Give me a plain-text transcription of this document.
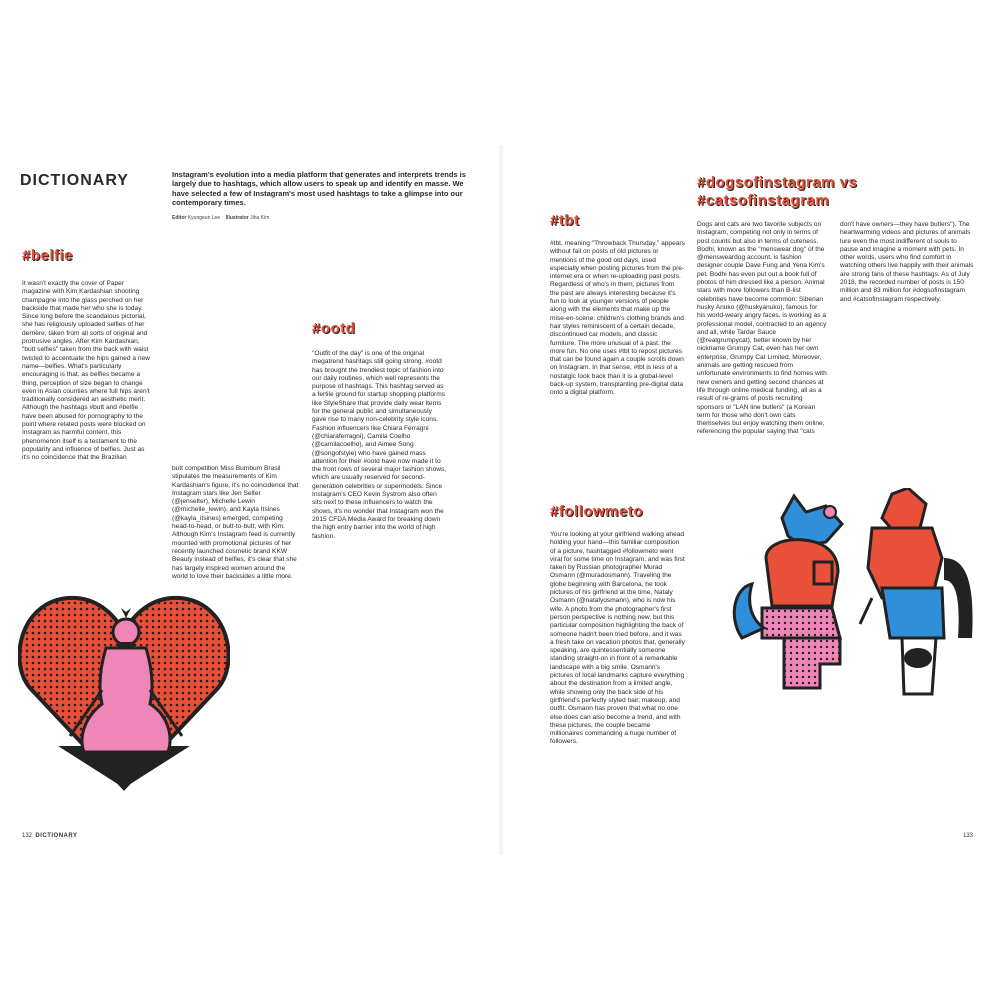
DICTIONARY	Instagram's evolution into a media platform that generates and interprets trends is largely due to hashtags, which allow users to speak up and identify en masse. We have selected a few of Instagram's most used hashtags to take a glimpse into our contemporary times.
Editor Kyungeun Lee Illustrator Jiha Kim
#belfie
It wasn't exactly the cover of Paper magazine with Kim Kardashian shooting champagne into the glass perched on her backside that made her who she is today. Since long before the scandalous pictorial, she has religiously uploaded selfies of her derrière, taken from all sorts of original and protrusive angles. After Kim Kardashian, "butt selfies" taken from the back with waist twisted to accentuate the hips gained a new name—belfies. What's particularly encouraging is that, as belfies became a thing, perception of size began to change even in Asian counties where full hips aren't traditionally considered an aesthetic merit. Although the hashtags #butt and #belfie have been abused for pornography to the point where related posts were blocked on Instagram as harmful content, this phenomenon itself is a testament to the popularity and influence of belfies. Just as it's no coincidence that the Brazilian
butt competition Miss Bumbum Brasil stipulates the measurements of Kim Kardashian's figure, it's no coincidence that Instagram stars like Jen Selter (@jenselter), Michelle Lewin (@michelle_lewin), and Kayla Itsines (@kayla_itsines) emerged, competing head-to-head, or butt-to-butt, with Kim. Although Kim's Instagram feed is currently mounted with promotional pictures of her recently launched cosmetic brand KKW Beauty instead of belfies, it's clear that she has largely inspired women around the world to love their backsides a little more.
#ootd
"Outfit of the day" is one of the original megatrend hashtags still going strong. #ootd has brought the trendiest topic of fashion into our daily routines, which well represents the purpose of hashtags. This hashtag served as a fertile ground for startup shopping platforms like StyleShare that provide daily wear items for the general public and simultaneously gave rise to many non-celebrity style icons. Fashion influencers like Chiara Ferragni (@chiaraferragni), Camila Coelho (@camilacoelho), and Aimee Song (@songofstyle) who have gained mass attention for their #ootd have now made it to the front rows of several major fashion shows, which are usually reserved for second-generation celebrities or supermodels. Since Instagram's CEO Kevin Systrom also often sits next to these influencers to watch the shows, it's no wonder that Instagram won the 2015 CFDA Media Award for breaking down the high entry barrier into the world of high fashion.
#tbt
#tbt, meaning "Throwback Thursday," appears without fail on posts of old pictures or mentions of the good old days, used especially when posting pictures from the pre-internet era or when re-uploading past posts. Regardless of who's in them, pictures from the past are always interesting because it's fun to look at younger versions of people along with the elements that make up the mise-en-scène: children's clothing brands and hair styles reminiscent of a certain decade, discontinued car models, and classic furniture. The more unusual of a past, the more fun. No one uses #tbt to repost pictures that can be found again a couple scrolls down on Instagram. In that sense, #tbt is less of a nostalgic look back than it is a global-level back-up system, transplanting pre-digital data onto a digital platform.
#followmeto
You're looking at your girlfriend walking ahead holding your hand—this familiar composition of a picture, hashtagged #followmeto went viral for some time on Instagram, and was first taken by Russian photographer Murad Osmann (@muradosmann). Traveling the globe beginning with Barcelona, he took pictures of his girlfriend at the time, Nataly Osmann (@natalyosmann), who is now his wife. A photo from the photographer's first person perspective is nothing new, but this particular composition highlighting the back of someone hadn't been tried before, and it was a fresh take on vacation photos that, generally speaking, are quintessentially someone standing straight-on in front of a remarkable landscape with a big smile. Osmann's pictures of local landmarks capture everything about the destination from a limited angle, while showing only the back side of his girlfriend's perfectly styled hair, makeup, and outfit. Osmann has proven that what no one else does can also become a trend, and with these pictures, the couple became millionaires commanding a huge number of followers.
#dogsofinstagram vs
#catsofinstagram
Dogs and cats are two favorite subjects on Instagram, competing not only in terms of post counts but also in terms of cuteness. Bodhi, known as the "menswear dog" of the @mensweardog account, is fashion designer couple Dave Fung and Yena Kim's pet. Bodhi has even put out a book full of photos of him dressed like a person. Animal stars with more followers than B-list celebrities have become common: Siberian husky Anuko (@huskyanuko), famous for his world-weary angry faces, is working as a professional model, contracted to an agency and all, while Tardar Sauce (@realgrumpycat), better known by her nickname Grumpy Cat, even has her own enterprise, Grumpy Cat Limited. Moreover, animals are getting rescued from unfortunate environments to find homes with new owners and getting second chances at life through online medical funding, all as a result of re-grams of posts recruiting sponsors or "LAN line butlers" (a Korean term for those who don't own cats themselves but enjoy watching them online, referencing the popular saying that "cats
don't have owners—they have butlers"). The heartwarming videos and pictures of animals lure even the most indifferent of souls to pause and imagine a moment with pets. In other words, users who find comfort in watching others live happily with their animals are strong fans of these hashtags. As of July 2018, the recorded number of posts is 150 million and 83 million for #dogsofinstagram and #catsofinstagram respectively.
132 DICTIONARY	133
